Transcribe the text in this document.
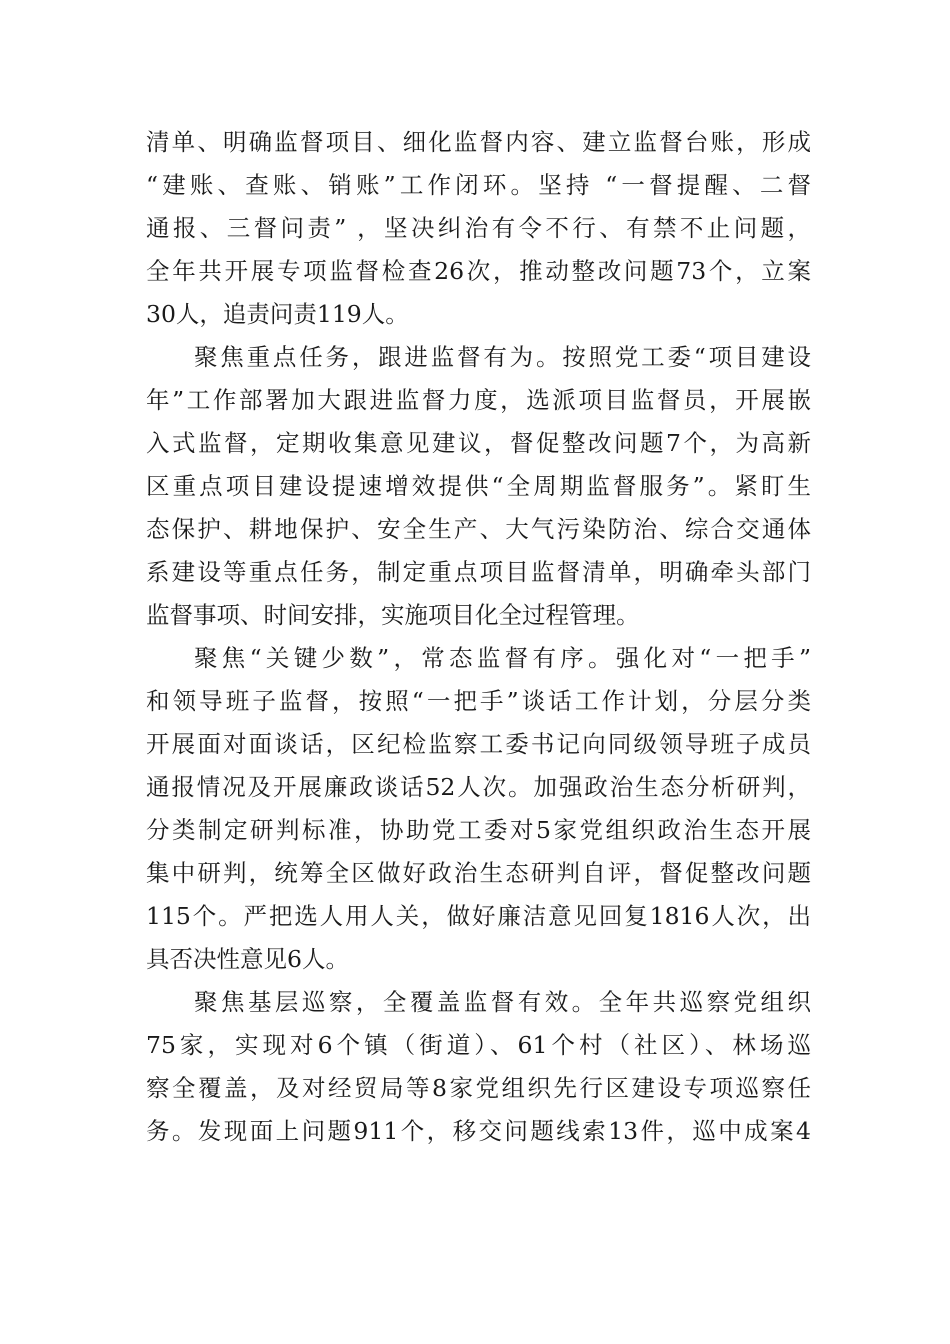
清单、明确监督项目、细化监督内容、建立监督台账，形成
“建账、查账、销账”工作闭环。坚持 “一督提醒、二督
通报、三督问责” ，坚决纠治有令不行、有禁不止问题，
全年共开展专项监督检查26次，推动整改问题73个，立案
30人，追责问责119人。
聚焦重点任务，跟进监督有为。按照党工委“项目建设
年”工作部署加大跟进监督力度，选派项目监督员，开展嵌
入式监督，定期收集意见建议，督促整改问题7个，为高新
区重点项目建设提速增效提供“全周期监督服务”。紧盯生
态保护、耕地保护、安全生产、大气污染防治、综合交通体
系建设等重点任务，制定重点项目监督清单，明确牵头部门
监督事项、时间安排，实施项目化全过程管理。
聚焦“关键少数”，常态监督有序。强化对“一把手”
和领导班子监督，按照“一把手”谈话工作计划，分层分类
开展面对面谈话，区纪检监察工委书记向同级领导班子成员
通报情况及开展廉政谈话52人次。加强政治生态分析研判，
分类制定研判标准，协助党工委对5家党组织政治生态开展
集中研判，统筹全区做好政治生态研判自评，督促整改问题
115个。严把选人用人关，做好廉洁意见回复1816人次，出
具否决性意见6人。
聚焦基层巡察，全覆盖监督有效。全年共巡察党组织
75家，实现对6个镇（街道）、61个村（社区）、林场巡
察全覆盖，及对经贸局等8家党组织先行区建设专项巡察任
务。发现面上问题911个，移交问题线索13件，巡中成案4
